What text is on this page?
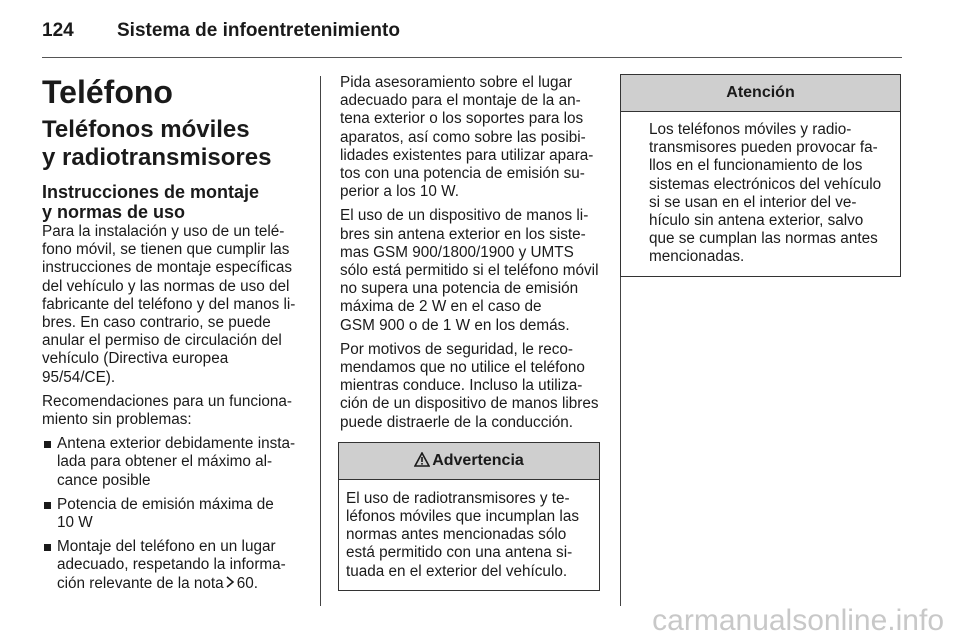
124 Sistema de infoentretenimiento
Teléfono
Teléfonos móviles
y radiotransmisores
Instrucciones de montaje
y normas de uso
Para la instalación y uso de un telé-
fono móvil, se tienen que cumplir las
instrucciones de montaje específicas
del vehículo y las normas de uso del
fabricante del teléfono y del manos li-
bres. En caso contrario, se puede
anular el permiso de circulación del
vehículo (Directiva europea
95/54/CE).
Recomendaciones para un funciona-
miento sin problemas:
Antena exterior debidamente insta-
lada para obtener el máximo al-
cance posible
Potencia de emisión máxima de
10 W
Montaje del teléfono en un lugar
adecuado, respetando la informa-
ción relevante de la nota 60.
Pida asesoramiento sobre el lugar
adecuado para el montaje de la an-
tena exterior o los soportes para los
aparatos, así como sobre las posibi-
lidades existentes para utilizar apara-
tos con una potencia de emisión su-
perior a los 10 W.
El uso de un dispositivo de manos li-
bres sin antena exterior en los siste-
mas GSM 900/1800/1900 y UMTS
sólo está permitido si el teléfono móvil
no supera una potencia de emisión
máxima de 2 W en el caso de
GSM 900 o de 1 W en los demás.
Por motivos de seguridad, le reco-
mendamos que no utilice el teléfono
mientras conduce. Incluso la utiliza-
ción de un dispositivo de manos libres
puede distraerle de la conducción.
Advertencia
El uso de radiotransmisores y te-
léfonos móviles que incumplan las
normas antes mencionadas sólo
está permitido con una antena si-
tuada en el exterior del vehículo.
Atención
Los teléfonos móviles y radio-
transmisores pueden provocar fa-
llos en el funcionamiento de los
sistemas electrónicos del vehículo
si se usan en el interior del ve-
hículo sin antena exterior, salvo
que se cumplan las normas antes
mencionadas.
carmanualsonline.info
